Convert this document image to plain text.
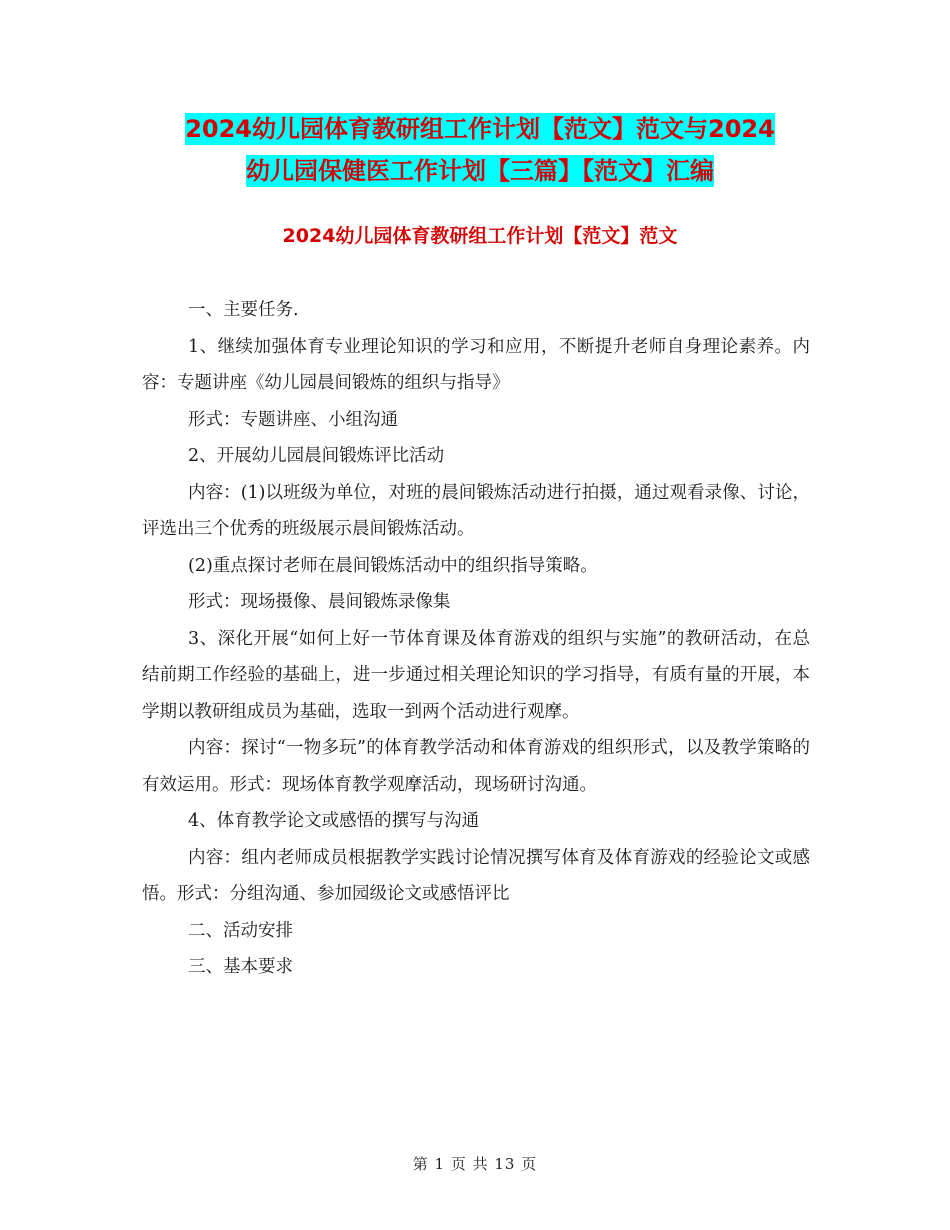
2024幼儿园体育教研组工作计划【范文】范文与2024
幼儿园保健医工作计划【三篇】【范文】汇编
2024幼儿园体育教研组工作计划【范文】范文

一、主要任务.

1、继续加强体育专业理论知识的学习和应用，不断提升老师自身理论素养。内容：专题讲座《幼儿园晨间锻炼的组织与指导》

形式：专题讲座、小组沟通

2、开展幼儿园晨间锻炼评比活动

内容：(1)以班级为单位，对班的晨间锻炼活动进行拍摄，通过观看录像、讨论，评选出三个优秀的班级展示晨间锻炼活动。

(2)重点探讨老师在晨间锻炼活动中的组织指导策略。

形式：现场摄像、晨间锻炼录像集

3、深化开展“如何上好一节体育课及体育游戏的组织与实施”的教研活动，在总结前期工作经验的基础上，进一步通过相关理论知识的学习指导，有质有量的开展，本学期以教研组成员为基础，选取一到两个活动进行观摩。

内容：探讨“一物多玩”的体育教学活动和体育游戏的组织形式，以及教学策略的有效运用。形式：现场体育教学观摩活动，现场研讨沟通。

4、体育教学论文或感悟的撰写与沟通

内容：组内老师成员根据教学实践讨论情况撰写体育及体育游戏的经验论文或感悟。形式：分组沟通、参加园级论文或感悟评比

二、活动安排

三、基本要求

第 1 页 共 13 页
